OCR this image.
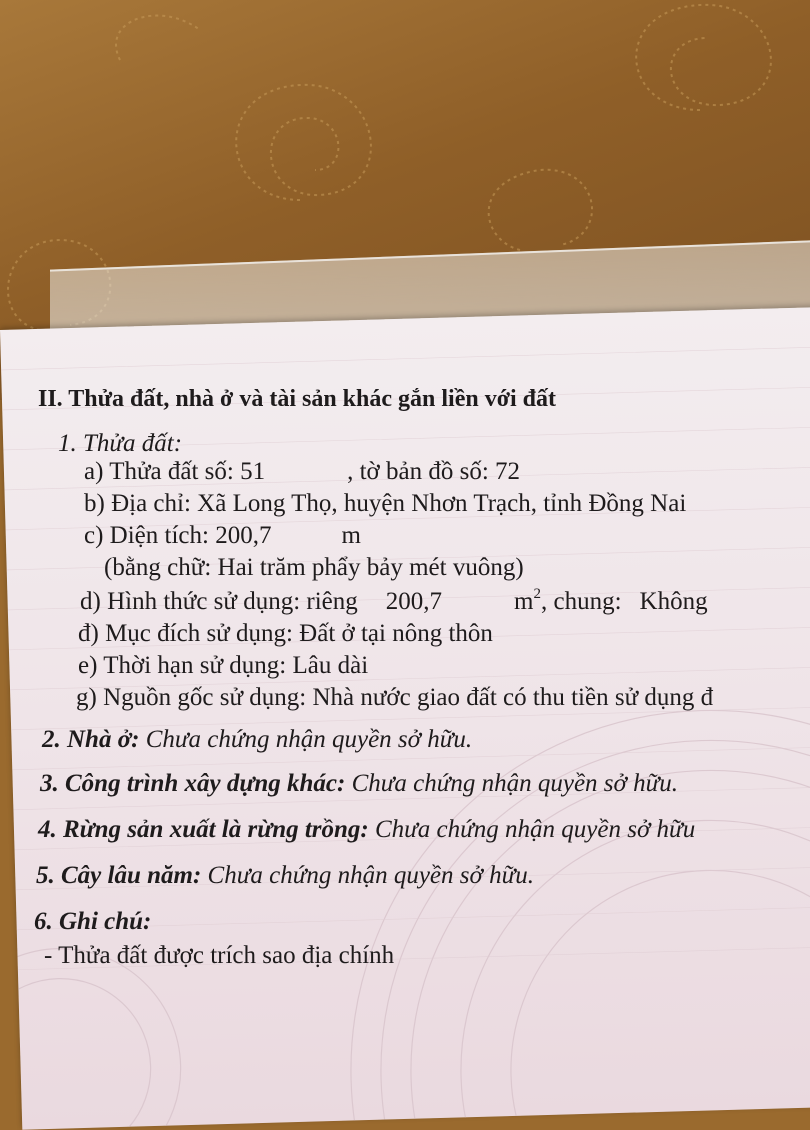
II. Thửa đất, nhà ở và tài sản khác gắn liền với đất
1. Thửa đất:
a) Thửa đất số: 51	, tờ bản đồ số: 72
b) Địa chỉ: Xã Long Thọ, huyện Nhơn Trạch, tỉnh Đồng Nai
c) Diện tích: 200,7	m
(bằng chữ: Hai trăm phẩy bảy mét vuông)
d) Hình thức sử dụng: riêng 200,7	$m^2$, chung: Không
đ) Mục đích sử dụng: Đất ở tại nông thôn
e) Thời hạn sử dụng: Lâu dài
g) Nguồn gốc sử dụng: Nhà nước giao đất có thu tiền sử dụng đ
2. Nhà ở: Chưa chứng nhận quyền sở hữu.
3. Công trình xây dựng khác: Chưa chứng nhận quyền sở hữu.
4. Rừng sản xuất là rừng trồng: Chưa chứng nhận quyền sở hữu
5. Cây lâu năm: Chưa chứng nhận quyền sở hữu.
6. Ghi chú:
- Thửa đất được trích sao địa chính
